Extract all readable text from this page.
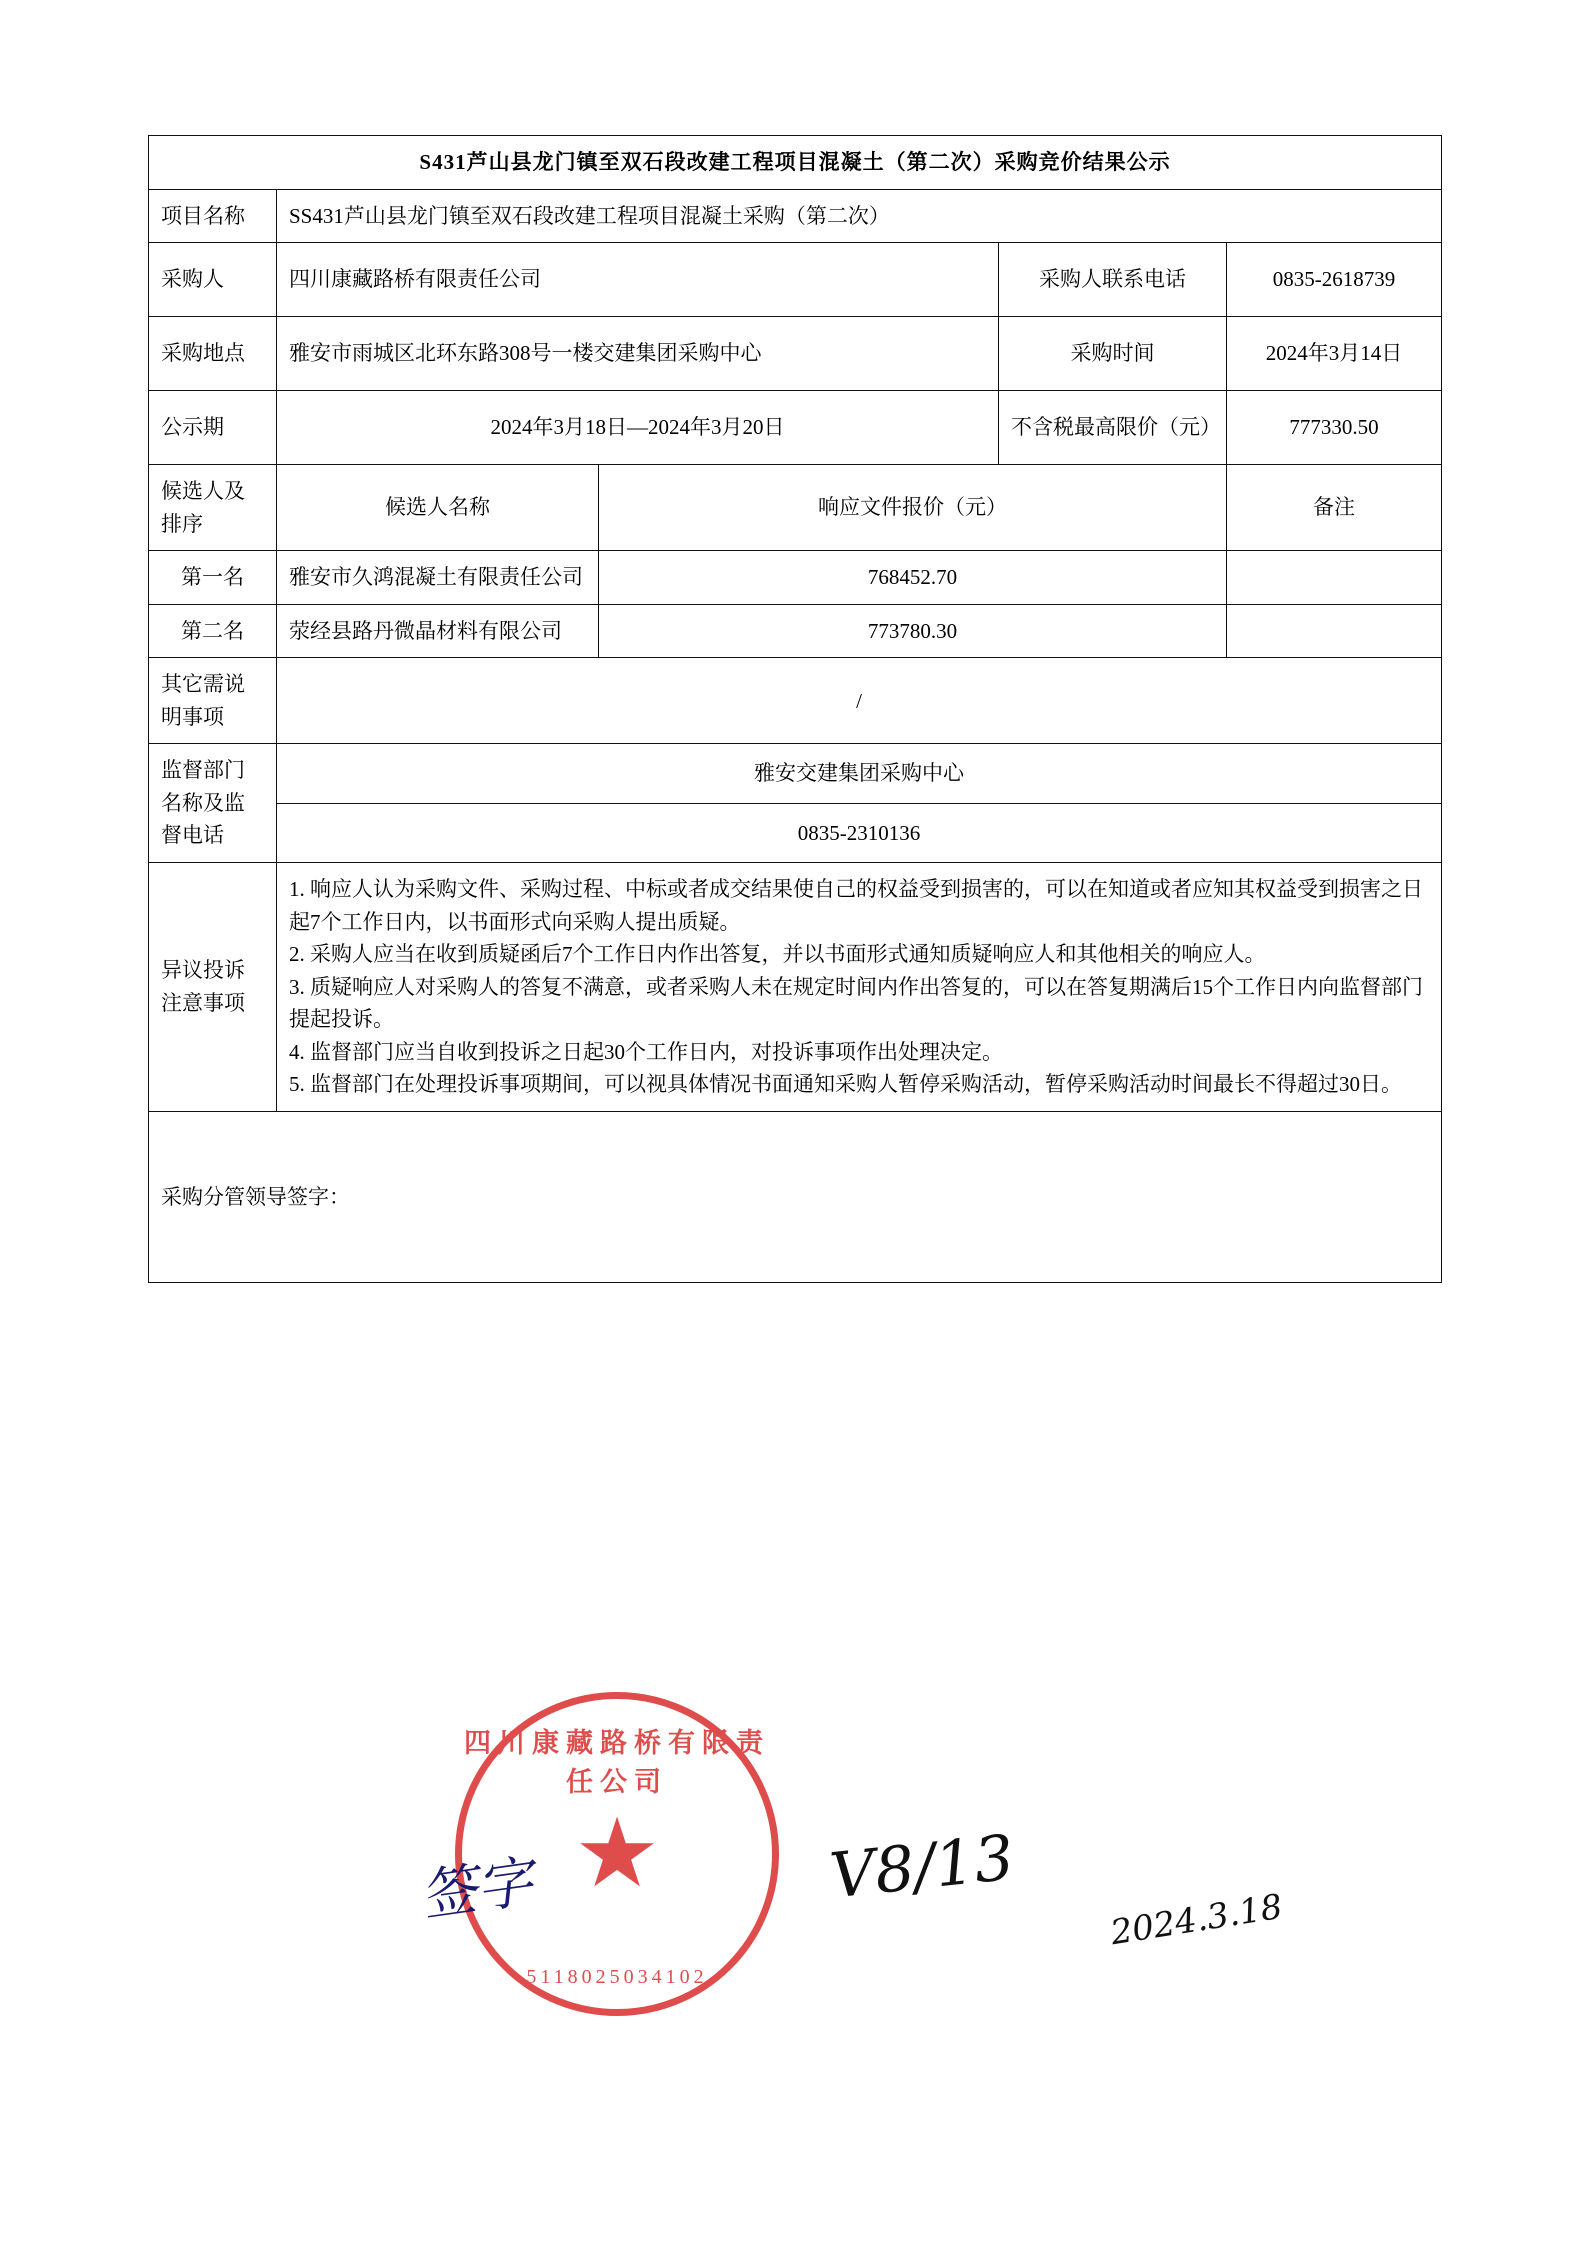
S431芦山县龙门镇至双石段改建工程项目混凝土（第二次）采购竞价结果公示				
项目名称	SS431芦山县龙门镇至双石段改建工程项目混凝土采购（第二次）			
采购人	四川康藏路桥有限责任公司		采购人联系电话	0835-2618739
采购地点	雅安市雨城区北环东路308号一楼交建集团采购中心		采购时间	2024年3月14日
公示期	2024年3月18日—2024年3月20日		不含税最高限价（元）	777330.50
候选人及排序	候选人名称	响应文件报价（元）		备注
第一名	雅安市久鸿混凝土有限责任公司	768452.70		
第二名	荥经县路丹微晶材料有限公司	773780.30		
其它需说明事项	/			
监督部门名称及监督电话	雅安交建集团采购中心			
	0835-2310136			
异议投诉注意事项	1. 响应人认为采购文件、采购过程、中标或者成交结果使自己的权益受到损害的，可以在知道或者应知其权益受到损害之日起7个工作日内，以书面形式向采购人提出质疑。

2. 采购人应当在收到质疑函后7个工作日内作出答复，并以书面形式通知质疑响应人和其他相关的响应人。

3. 质疑响应人对采购人的答复不满意，或者采购人未在规定时间内作出答复的，可以在答复期满后15个工作日内向监督部门提起投诉。

4. 监督部门应当自收到投诉之日起30个工作日内，对投诉事项作出处理决定。

5. 监督部门在处理投诉事项期间，可以视具体情况书面通知采购人暂停采购活动，暂停采购活动时间最长不得超过30日。			

采购分管领导签字：				
四川康藏路桥有限责任公司
★
5118025034102
签字	V8/13
2024.3.18
